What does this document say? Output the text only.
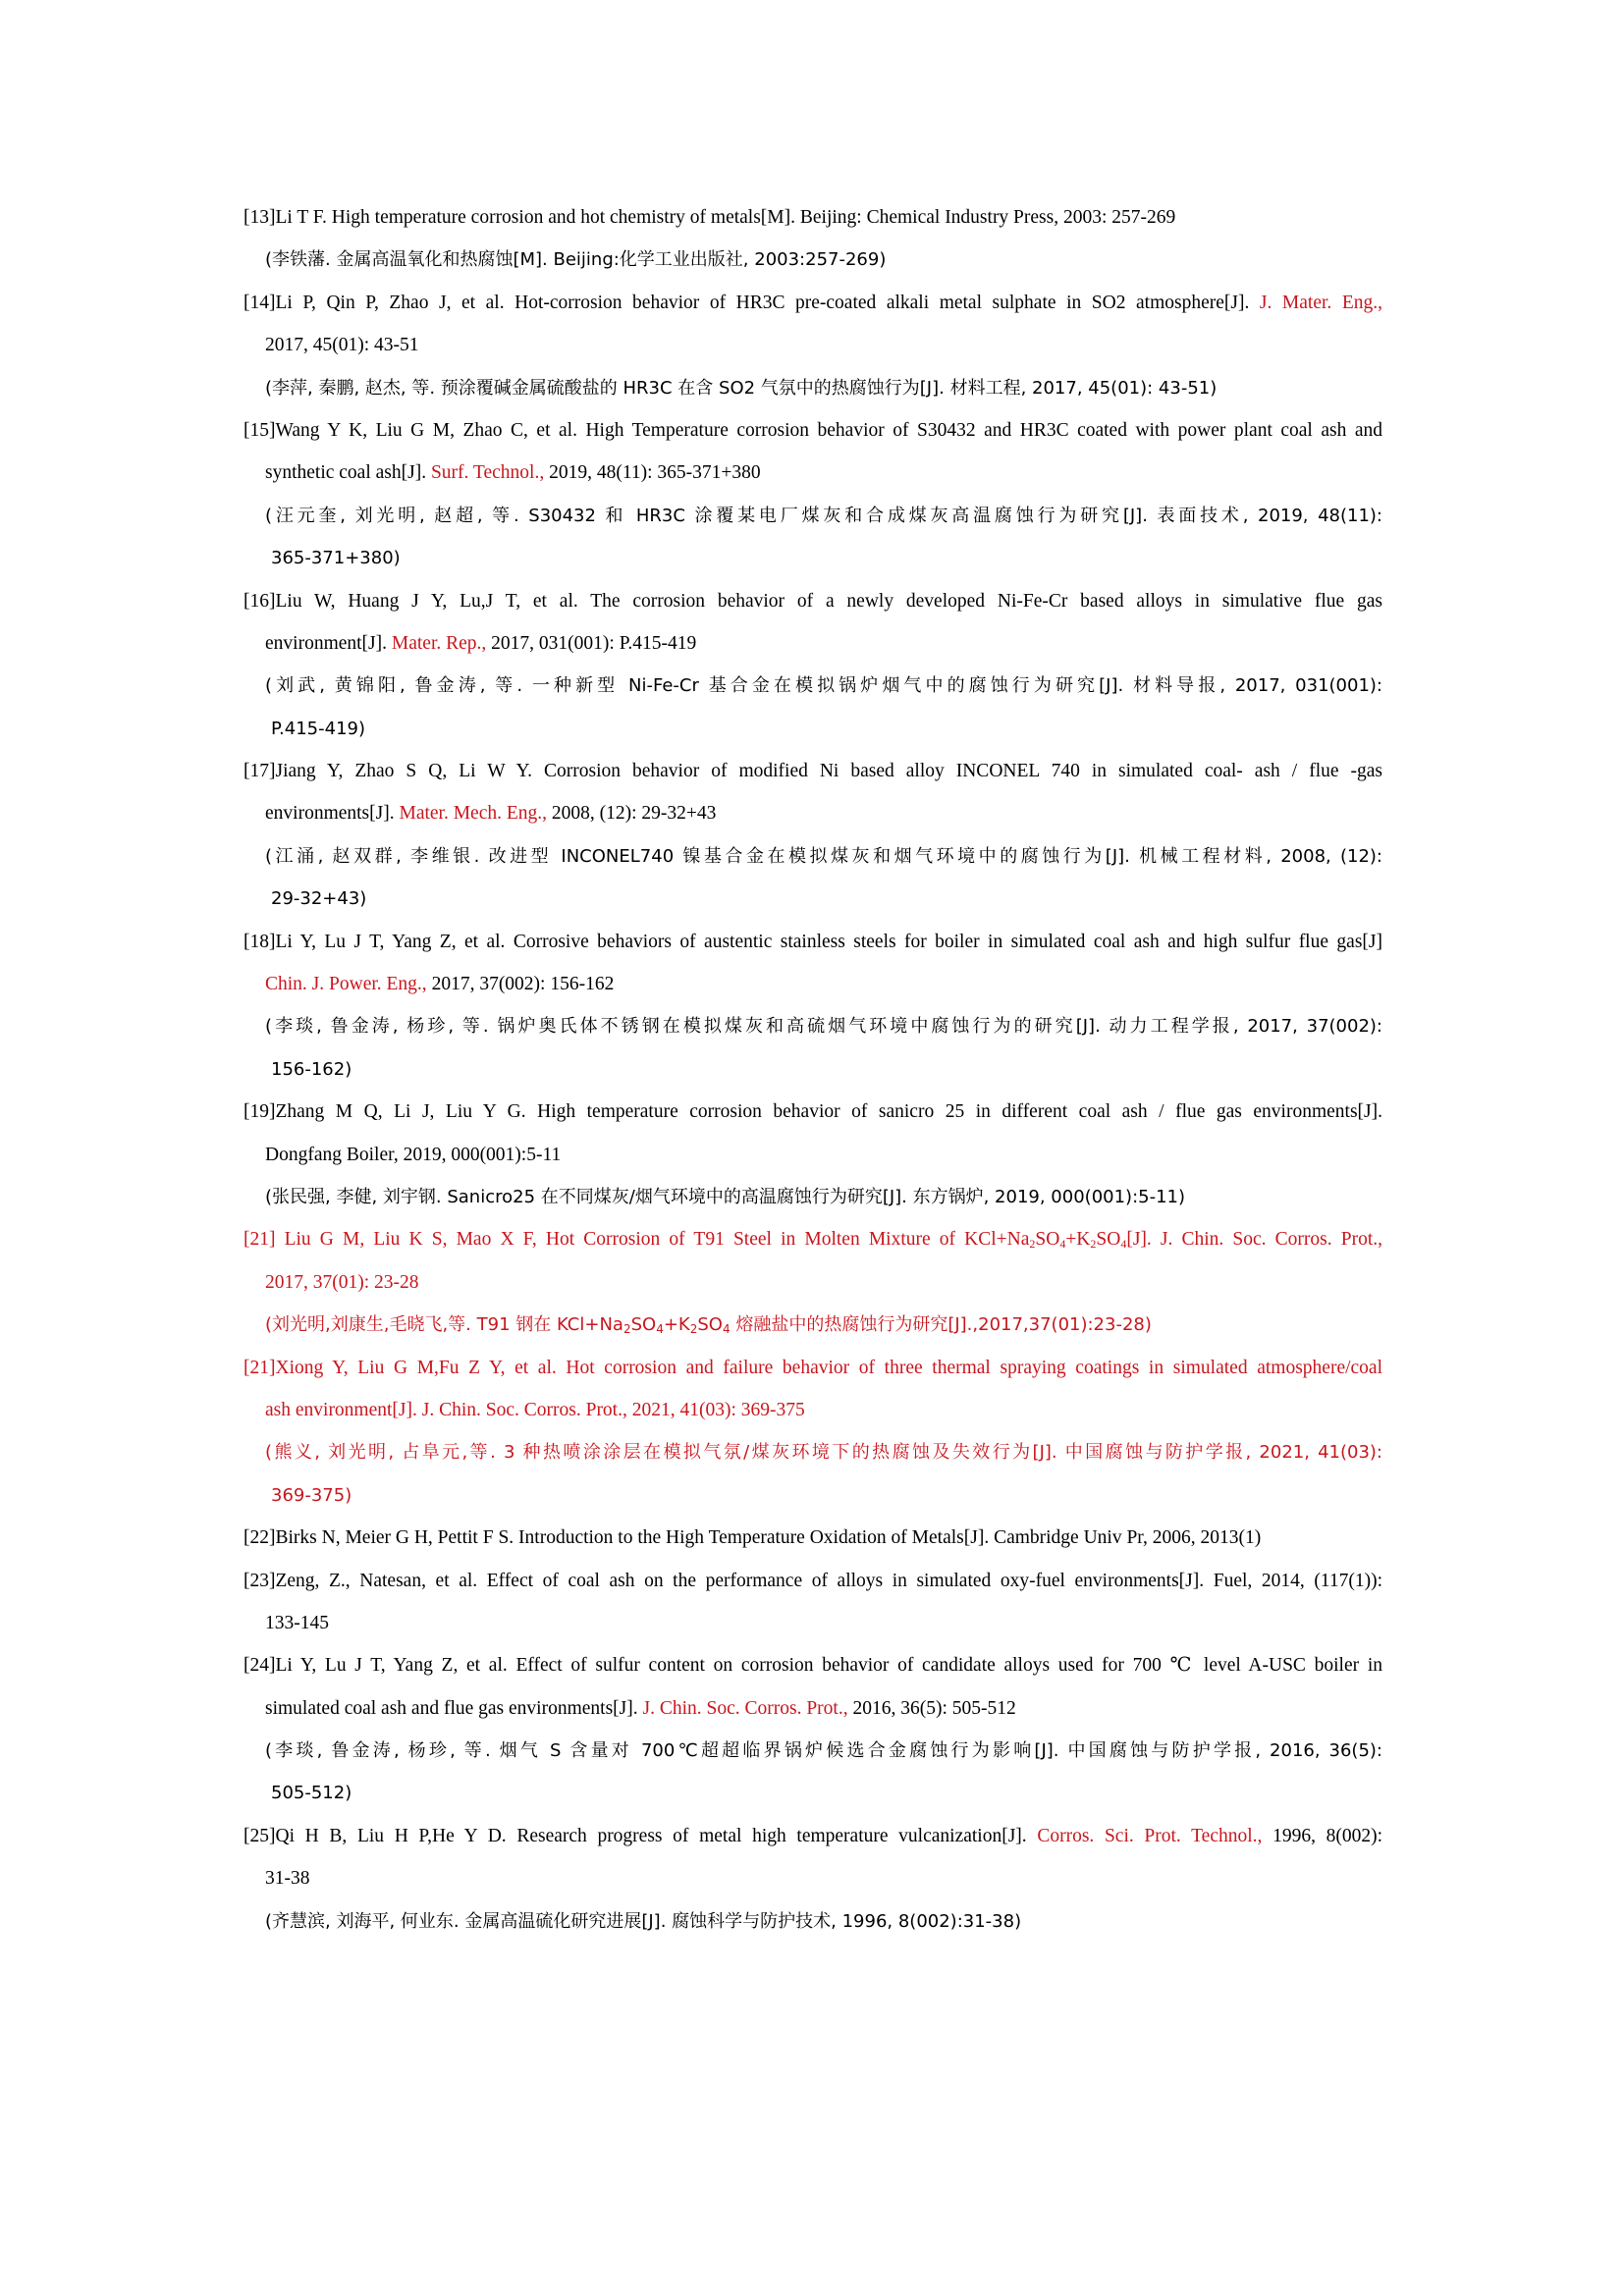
[13]Li T F. High temperature corrosion and hot chemistry of metals[M]. Beijing: Chemical Industry Press, 2003: 257-269
(李铁藩. 金属高温氧化和热腐蚀[M]. Beijing:化学工业出版社, 2003:257-269)
[14]Li P, Qin P, Zhao J, et al. Hot-corrosion behavior of HR3C pre-coated alkali metal sulphate in SO2 atmosphere[J]. J. Mater. Eng.,
2017, 45(01): 43-51
(李萍, 秦鹏, 赵杰, 等. 预涂覆碱金属硫酸盐的 HR3C 在含 SO2 气氛中的热腐蚀行为[J]. 材料工程, 2017, 45(01): 43-51)
[15]Wang Y K, Liu G M, Zhao C, et al. High Temperature corrosion behavior of S30432 and HR3C coated with power plant coal ash and
synthetic coal ash[J]. Surf. Technol., 2019, 48(11): 365-371+380
(汪元奎, 刘光明, 赵超, 等. S30432 和 HR3C 涂覆某电厂煤灰和合成煤灰高温腐蚀行为研究[J]. 表面技术, 2019, 48(11):
365-371+380)
[16]Liu W, Huang J Y, Lu,J T, et al. The corrosion behavior of a newly developed Ni-Fe-Cr based alloys in simulative flue gas
environment[J]. Mater. Rep., 2017, 031(001): P.415-419
(刘武, 黄锦阳, 鲁金涛, 等. 一种新型 Ni-Fe-Cr 基合金在模拟锅炉烟气中的腐蚀行为研究[J]. 材料导报, 2017, 031(001):
P.415-419)
[17]Jiang Y, Zhao S Q, Li W Y. Corrosion behavior of modified Ni based alloy INCONEL 740 in simulated coal- ash / flue -gas
environments[J]. Mater. Mech. Eng., 2008, (12): 29-32+43
(江涌, 赵双群, 李维银. 改进型 INCONEL740 镍基合金在模拟煤灰和烟气环境中的腐蚀行为[J]. 机械工程材料, 2008, (12):
29-32+43)
[18]Li Y, Lu J T, Yang Z, et al. Corrosive behaviors of austentic stainless steels for boiler in simulated coal ash and high sulfur flue gas[J]
Chin. J. Power. Eng., 2017, 37(002): 156-162
(李琰, 鲁金涛, 杨珍, 等. 锅炉奥氏体不锈钢在模拟煤灰和高硫烟气环境中腐蚀行为的研究[J]. 动力工程学报, 2017, 37(002):
156-162)
[19]Zhang M Q, Li J, Liu Y G. High temperature corrosion behavior of sanicro 25 in different coal ash / flue gas environments[J].
Dongfang Boiler, 2019, 000(001):5-11
(张民强, 李健, 刘宇钢. Sanicro25 在不同煤灰/烟气环境中的高温腐蚀行为研究[J]. 东方锅炉, 2019, 000(001):5-11)
[21] Liu G M, Liu K S, Mao X F, Hot Corrosion of T91 Steel in Molten Mixture of $KCl+Na_2SO_4+K_2SO_4[J]$. J. Chin. Soc. Corros. Prot.,
2017, 37(01): 23-28
(刘光明,刘康生,毛晓飞,等. T91 钢在 $KCl+Na_2SO_4+K_2SO_4$ 熔融盐中的热腐蚀行为研究[J].,2017,37(01):23-28)
[21]Xiong Y, Liu G M,Fu Z Y, et al. Hot corrosion and failure behavior of three thermal spraying coatings in simulated atmosphere/coal
ash environment[J]. J. Chin. Soc. Corros. Prot., 2021, 41(03): 369-375
(熊义, 刘光明, 占阜元,等. 3 种热喷涂涂层在模拟气氛/煤灰环境下的热腐蚀及失效行为[J]. 中国腐蚀与防护学报, 2021, 41(03):
369-375)
[22]Birks N, Meier G H, Pettit F S. Introduction to the High Temperature Oxidation of Metals[J]. Cambridge Univ Pr, 2006, 2013(1)
[23]Zeng, Z., Natesan, et al. Effect of coal ash on the performance of alloys in simulated oxy-fuel environments[J]. Fuel, 2014, (117(1)):
133-145
[24]Li Y, Lu J T, Yang Z, et al. Effect of sulfur content on corrosion behavior of candidate alloys used for 700 ℃ level A-USC boiler in
simulated coal ash and flue gas environments[J]. J. Chin. Soc. Corros. Prot., 2016, 36(5): 505-512
(李琰, 鲁金涛, 杨珍, 等. 烟气 S 含量对 700℃超超临界锅炉候选合金腐蚀行为影响[J]. 中国腐蚀与防护学报, 2016, 36(5):
505-512)
[25]Qi H B, Liu H P,He Y D. Research progress of metal high temperature vulcanization[J]. Corros. Sci. Prot. Technol., 1996, 8(002):
31-38
(齐慧滨, 刘海平, 何业东. 金属高温硫化研究进展[J]. 腐蚀科学与防护技术, 1996, 8(002):31-38)
